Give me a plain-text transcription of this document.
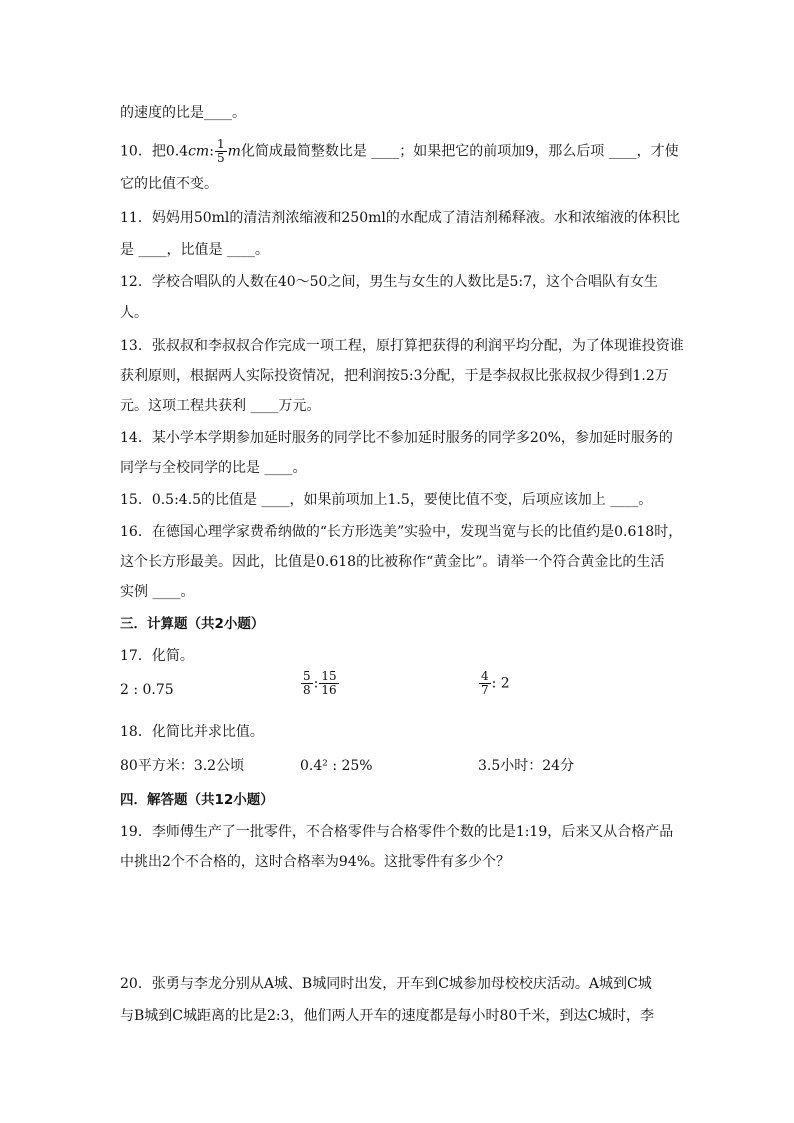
的速度的比是____。
10．把0.4cm: $\frac{1}{5}$ m化简成最简整数比是 ____；如果把它的前项加9，那么后项 ____，才使
它的比值不变。
11．妈妈用50ml的清洁剂浓缩液和250ml的水配成了清洁剂稀释液。水和浓缩液的体积比
是 ____，比值是 ____。
12．学校合唱队的人数在40～50之间，男生与女生的人数比是5:7，这个合唱队有女生
人。
13．张叔叔和李叔叔合作完成一项工程，原打算把获得的利润平均分配，为了体现谁投资谁
获利原则，根据两人实际投资情况，把利润按5:3分配，于是李叔叔比张叔叔少得到1.2万
元。这项工程共获利 ____万元。
14．某小学本学期参加延时服务的同学比不参加延时服务的同学多20%，参加延时服务的
同学与全校同学的比是 ____。
15．0.5:4.5的比值是 ____，如果前项加上1.5，要使比值不变，后项应该加上 ____。
16．在德国心理学家费希纳做的“长方形选美”实验中，发现当宽与长的比值约是0.618时，
这个长方形最美。因此，比值是0.618的比被称作“黄金比”。请举一个符合黄金比的生活
实例 ____。
三．计算题（共2小题）
17．化简。
2 : 0.75	$\frac{5}{8}$ : $\frac{15}{16}$	$\frac{4}{7}$ : 2
18．化简比并求比值。
80平方米：3.2公顷	0.4² : 25%	3.5小时：24分
四．解答题（共12小题）
19．李师傅生产了一批零件，不合格零件与合格零件个数的比是1:19，后来又从合格产品
中挑出2个不合格的，这时合格率为94%。这批零件有多少个？
20．张勇与李龙分别从A城、B城同时出发，开车到C城参加母校校庆活动。A城到C城
与B城到C城距离的比是2:3，他们两人开车的速度都是每小时80千米，到达C城时，李
